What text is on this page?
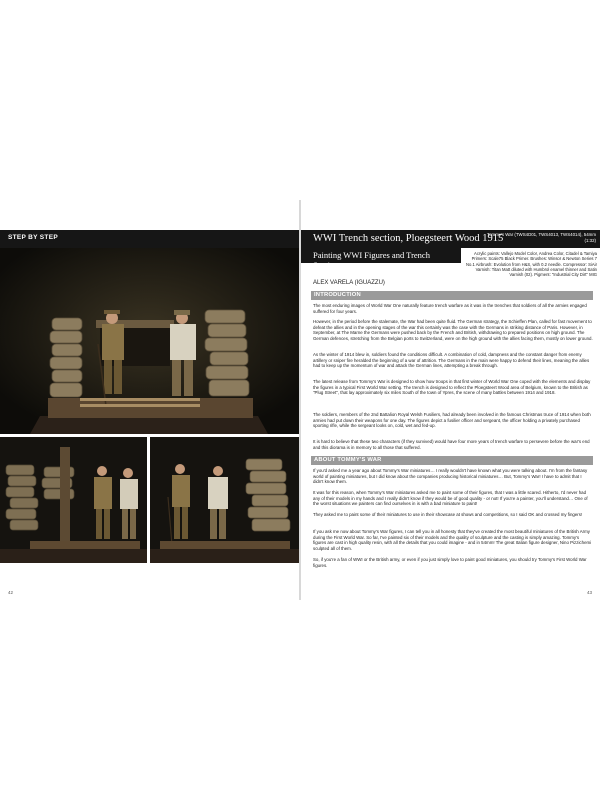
STEP BY STEP
42
WWI Trench section, Ploegsteert Wood 1915
Tommy's War (TWS4D01, TWS4013, TWS4014), 54mm (1:32)
Painting WWI Figures and Trench Section
Acrylic paints: Vallejo Model Color, Andrea Color, Citadel & Tamiya Primers: Scale75 Black Primer. Brushes: Winsor & Newton Series 7 No.1 Airbrush: Evolution from H&S, with 0.2 needle. Compressor: SiAir Varnish: Titan Matt diluted with Humbrol enamel thinner and Satin Varnish (02). Pigment: "Industrial City Dirt" MIG
ALEX VARELA (IGUAZZU)
INTRODUCTION

The most enduring images of World War One naturally feature trench warfare as it was in the trenches that soldiers of all the armies engaged suffered for four years.

However, in the period before the stalemate, the War had been quite fluid. The German strategy, the Schieffen Plan, called for fast movement to defeat the allies and in the opening stages of the war this certainly was the case with the Germans in striking distance of Paris. However, in September, at The Marne the Germans were pushed back by the French and British, withdrawing to prepared positions on high ground. The German defences, stretching from the Belgian ports to Switzerland, were on the high ground with the allies facing them, mostly on lower ground.

As the winter of 1914 blew in, soldiers found the conditions difficult. A combination of cold, dampness and the constant danger from enemy artillery or sniper fire heralded the beginning of a war of attrition. The Germans in the main were happy to defend their lines, meaning the allies had to keep up the momentum of war and attack the German lines, attempting a break through.

The latest release from Tommy's War is designed to show how troops in that first winter of World War One coped with the elements and display the figures in a typical First World War setting. The trench is designed to reflect the Ploegsteert Wood area of Belgium, known to the British as "Plug Street", that lay approximately six miles South of the town of Ypres, the scene of many battles between 1914 and 1918.

The soldiers, members of the 2nd Battalion Royal Welsh Fusiliers, had already been involved in the famous Christmas truce of 1914 when both armies had put down their weapons for one day. The figures depict a fusilier officer and sergeant, the officer holding a privately purchased sporting rifle, while the sergeant looks on, cold, wet and fed-up.

It is hard to believe that these two characters (if they survived) would have four more years of trench warfare to persevere before the war's end and this diorama is in memory to all those that suffered.

ABOUT TOMMY'S WAR

If you'd asked me a year ago about Tommy's War miniatures… I really wouldn't have known what you were talking about. I'm from the fantasy world of painting miniatures, but I did know about the companies producing historical miniatures… But, Tommy's War! I have to admit that I didn't know them.

It was for this reason, when Tommy's War miniatures asked me to paint some of their figures, that I was a little scared. Hitherto, I'd never had any of their models in my hands and I really didn't know if they would be of good quality - or not! If you're a painter, you'll understand… One of the worst situations we painters can find ourselves in is with a bad miniature to paint!

They asked me to paint some of their miniatures to use in their showcase at shows and competitions, so I said OK and crossed my fingers!

If you ask me now about Tommy's War figures, I can tell you in all honesty that they've created the most beautiful miniatures of the British Army during the First World War. So far, I've painted six of their models and the quality of sculpture and the casting is simply amazing. Tommy's figures are cast in high quality resin, with all the details that you could imagine - and in 54mm! The great Italian figure designer, Nino Pizzichemi sculpted all of them.

So, if you're a fan of WWI or the British army, or even if you just simply love to paint good miniatures, you should try Tommy's First World War figures.

43
